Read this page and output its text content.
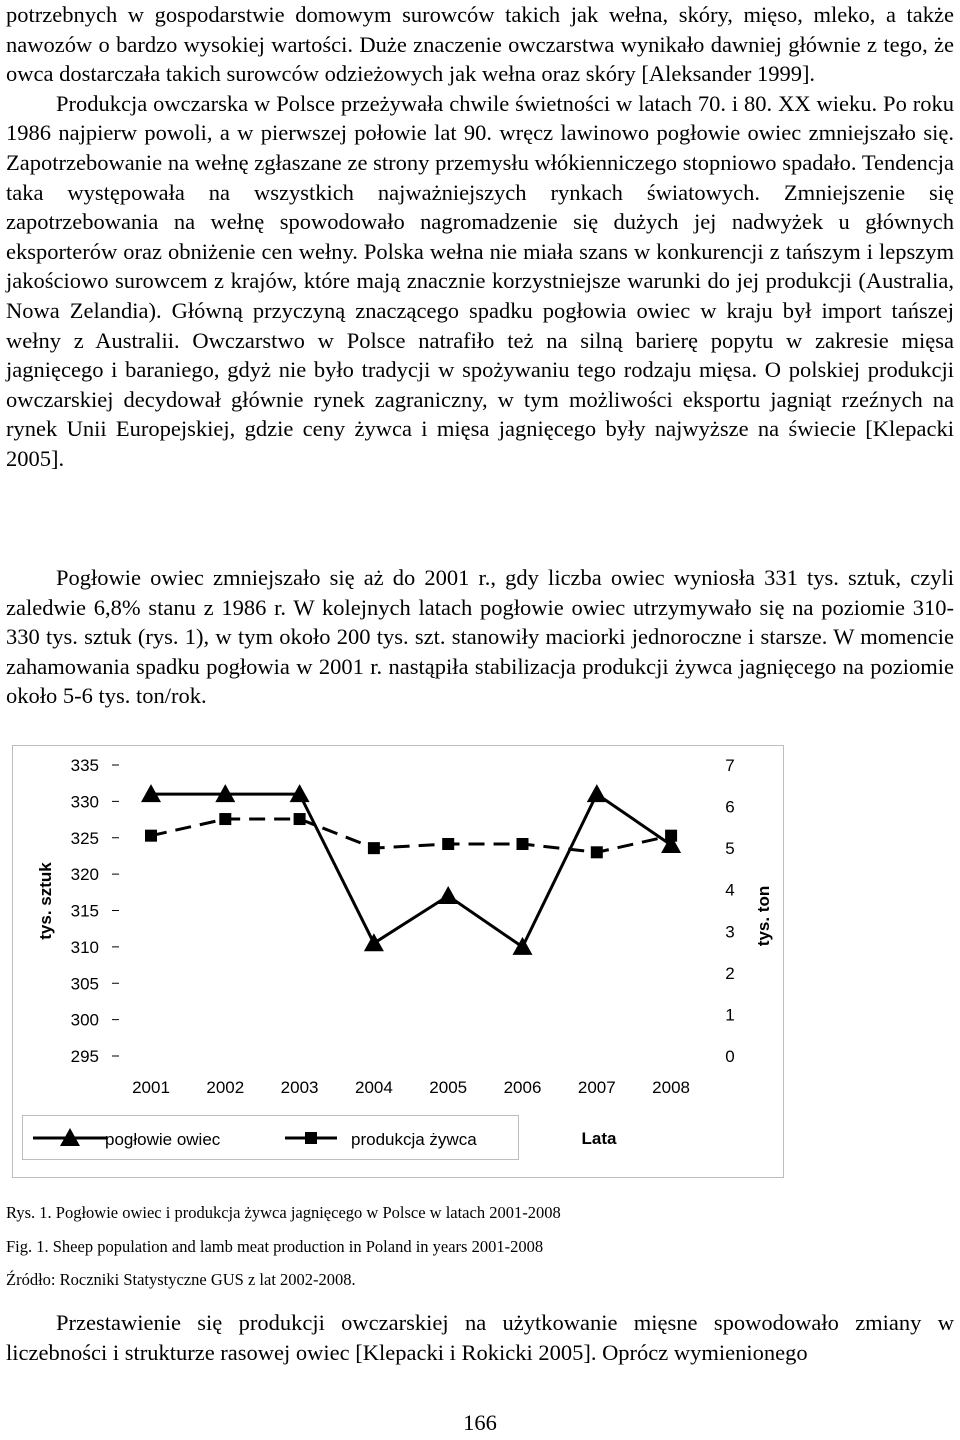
potrzebnych w gospodarstwie domowym surowców takich jak wełna, skóry, mięso, mleko, a także nawozów o bardzo wysokiej wartości. Duże znaczenie owczarstwa wynikało dawniej głównie z tego, że owca dostarczała takich surowców odzieżowych jak wełna oraz skóry [Aleksander 1999].
Produkcja owczarska w Polsce przeżywała chwile świetności w latach 70. i 80. XX wieku. Po roku 1986 najpierw powoli, a w pierwszej połowie lat 90. wręcz lawinowo pogłowie owiec zmniejszało się. Zapotrzebowanie na wełnę zgłaszane ze strony przemysłu włókienniczego stopniowo spadało. Tendencja taka występowała na wszystkich najważniejszych rynkach światowych. Zmniejszenie się zapotrzebowania na wełnę spowodowało nagromadzenie się dużych jej nadwyżek u głównych eksporterów oraz obniżenie cen wełny. Polska wełna nie miała szans w konkurencji z tańszym i lepszym jakościowo surowcem z krajów, które mają znacznie korzystniejsze warunki do jej produkcji (Australia, Nowa Zelandia). Główną przyczyną znaczącego spadku pogłowia owiec w kraju był import tańszej wełny z Australii. Owczarstwo w Polsce natrafiło też na silną barierę popytu w zakresie mięsa jagnięcego i baraniego, gdyż nie było tradycji w spożywaniu tego rodzaju mięsa. O polskiej produkcji owczarskiej decydował głównie rynek zagraniczny, w tym możliwości eksportu jagniąt rzeźnych na rynek Unii Europejskiej, gdzie ceny żywca i mięsa jagnięcego były najwyższe na świecie [Klepacki 2005].

Pogłowie owiec zmniejszało się aż do 2001 r., gdy liczba owiec wyniosła 331 tys. sztuk, czyli zaledwie 6,8% stanu z 1986 r. W kolejnych latach pogłowie owiec utrzymywało się na poziomie 310-330 tys. sztuk (rys. 1), w tym około 200 tys. szt. stanowiły maciorki jednoroczne i starsze. W momencie zahamowania spadku pogłowia w 2001 r. nastąpiła stabilizacja produkcji żywca jagnięcego na poziomie około 5-6 tys. ton/rok.

295
300
305
310
315
320
325
330
335
0
1
2
3
4
5
6
7
2001 2002 2003 2004 2005 2006 2007 2008
tys. sztuk	tys. ton
Lata
pogłowie owiec	produkcja żywca

Rys. 1. Pogłowie owiec i produkcja żywca jagnięcego w Polsce w latach 2001-2008

Fig. 1. Sheep population and lamb meat production in Poland in years 2001-2008

Źródło: Roczniki Statystyczne GUS z lat 2002-2008.

Przestawienie się produkcji owczarskiej na użytkowanie mięsne spowodowało zmiany w liczebności i strukturze rasowej owiec [Klepacki i Rokicki 2005]. Oprócz wymienionego

166
